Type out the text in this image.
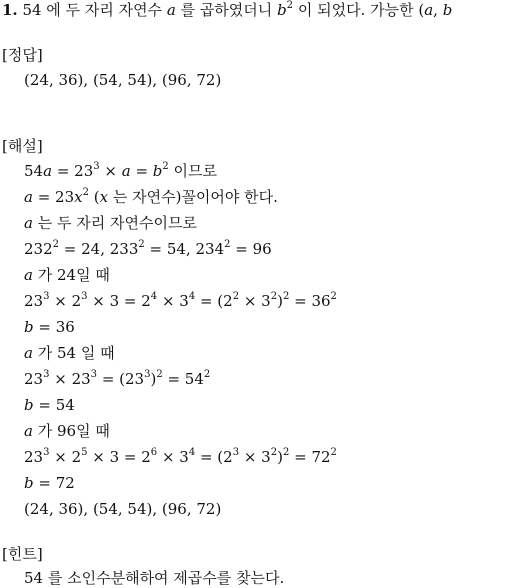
1. 54 에 두 자리 자연수 a 를 곱하였더니 $b^2$ 이 되었다. 가능한 (a, b
[정답]
(24, 36), (54, 54), (96, 72)
[해설]
$54a = 23^3 \times a = b^2$ 이므로
$a = 23x^2$ (x 는 자연수)꼴이어야 한다.
a 는 두 자리 자연수이므로
$232^2 = 24$, $233^2 = 54$, $234^2 = 96$
a 가 24일 때
$23^3 \times 2^3 \times 3 = 2^4 \times 3^4 = (2^2 \times 3^2)^2 = 36^2$
b = 36
a 가 54 일 때
$23^3 \times 23^3 = (23^3)^2 = 54^2$
b = 54
a 가 96일 때
$23^3 \times 2^5 \times 3 = 2^6 \times 3^4 = (2^3 \times 3^2)^2 = 72^2$
b = 72
(24, 36), (54, 54), (96, 72)
[힌트]
54 를 소인수분해하여 제곱수를 찾는다.
